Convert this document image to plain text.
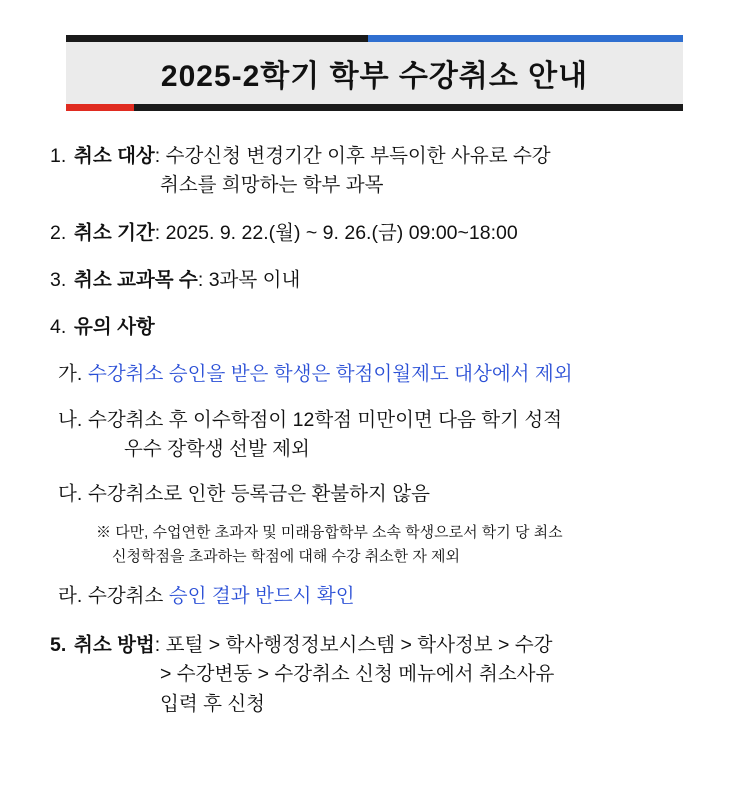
2025-2학기 학부 수강취소 안내
1. 취소 대상: 수강신청 변경기간 이후 부득이한 사유로 수강
취소를 희망하는 학부 과목
2. 취소 기간: 2025. 9. 22.(월) ~ 9. 26.(금) 09:00~18:00
3. 취소 교과목 수: 3과목 이내
4. 유의 사항
가. 수강취소 승인을 받은 학생은 학점이월제도 대상에서 제외
나. 수강취소 후 이수학점이 12학점 미만이면 다음 학기 성적
우수 장학생 선발 제외
다. 수강취소로 인한 등록금은 환불하지 않음
※ 다만, 수업연한 초과자 및 미래융합학부 소속 학생으로서 학기 당 최소
신청학점을 초과하는 학점에 대해 수강 취소한 자 제외
라. 수강취소 승인 결과 반드시 확인
5. 취소 방법: 포털 > 학사행정정보시스템 > 학사정보 > 수강
> 수강변동 > 수강취소 신청 메뉴에서 취소사유
입력 후 신청
